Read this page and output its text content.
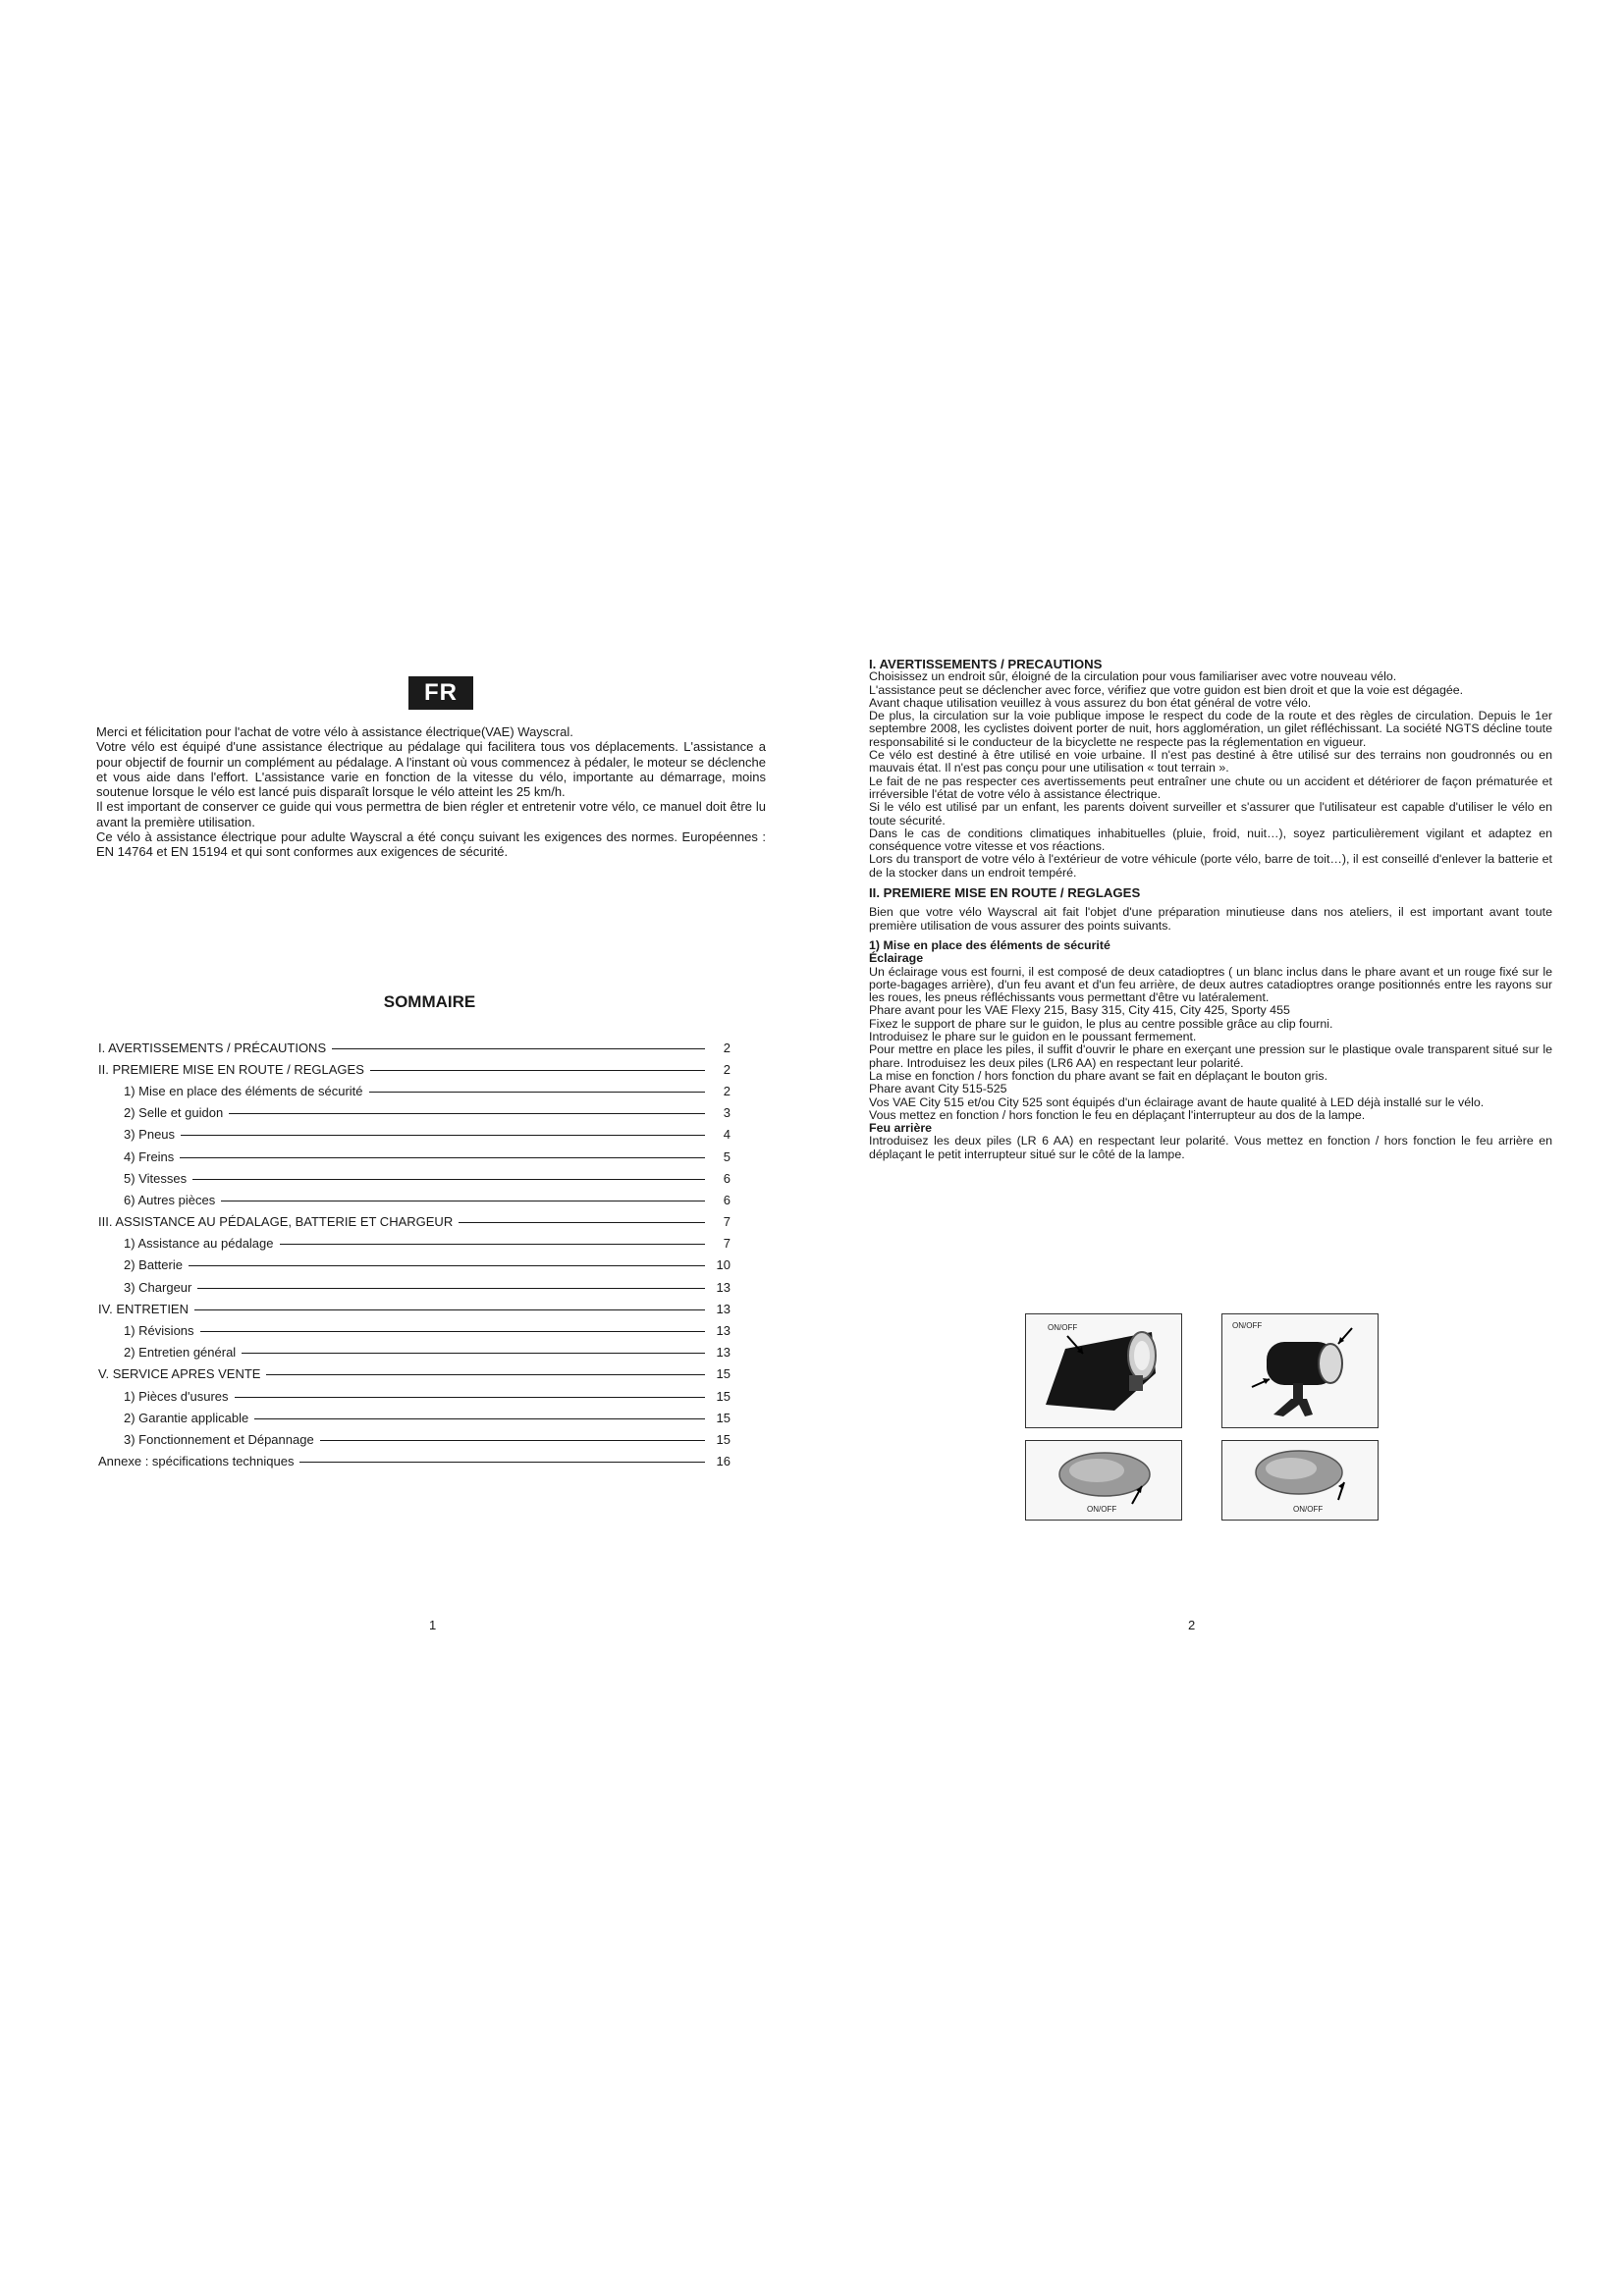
FR

Merci et félicitation pour l'achat de votre vélo à assistance électrique(VAE) Wayscral.

Votre vélo est équipé d'une assistance électrique au pédalage qui facilitera tous vos déplacements. L'assistance a pour objectif de fournir un complément au pédalage. A l'instant où vous commencez à pédaler, le moteur se déclenche et vous aide dans l'effort. L'assistance varie en fonction de la vitesse du vélo, importante au démarrage, moins soutenue lorsque le vélo est lancé puis disparaît lorsque le vélo atteint les 25 km/h.

Il est important de conserver ce guide qui vous permettra de bien régler et entretenir votre vélo, ce manuel doit être lu avant la première utilisation.

Ce vélo à assistance électrique pour adulte Wayscral a été conçu suivant les exigences des normes. Européennes : EN 14764 et EN 15194 et qui sont conformes aux exigences de sécurité.

SOMMAIRE
I. AVERTISSEMENTS / PRÉCAUTIONS	2
II. PREMIERE MISE EN ROUTE / REGLAGES	2
1) Mise en place des éléments de sécurité	2
2) Selle et guidon	3
3) Pneus	4
4) Freins	5
5) Vitesses	6
6) Autres pièces	6
III. ASSISTANCE AU PÉDALAGE, BATTERIE ET CHARGEUR	7
1) Assistance au pédalage	7
2) Batterie	10
3) Chargeur	13
IV. ENTRETIEN	13
1) Révisions	13
2) Entretien général	13
V. SERVICE APRES VENTE	15
1) Pièces d'usures	15
2) Garantie applicable	15
3) Fonctionnement et Dépannage	15
Annexe : spécifications techniques	16
1

I. AVERTISSEMENTS / PRECAUTIONS

Choisissez un endroit sûr, éloigné de la circulation pour vous familiariser avec votre nouveau vélo.

L'assistance peut se déclencher avec force, vérifiez que votre guidon est bien droit et que la voie est dégagée.

Avant chaque utilisation veuillez à vous assurez du bon état général de votre vélo.

De plus, la circulation sur la voie publique impose le respect du code de la route et des règles de circulation. Depuis le 1er septembre 2008, les cyclistes doivent porter de nuit, hors agglomération, un gilet réfléchissant. La société NGTS décline toute responsabilité si le conducteur de la bicyclette ne respecte pas la réglementation en vigueur.

Ce vélo est destiné à être utilisé en voie urbaine. Il n'est pas destiné à être utilisé sur des terrains non goudronnés ou en mauvais état. Il n'est pas conçu pour une utilisation « tout terrain ».

Le fait de ne pas respecter ces avertissements peut entraîner une chute ou un accident et détériorer de façon prématurée et irréversible l'état de votre vélo à assistance électrique.

Si le vélo est utilisé par un enfant, les parents doivent surveiller et s'assurer que l'utilisateur est capable d'utiliser le vélo en toute sécurité.

Dans le cas de conditions climatiques inhabituelles (pluie, froid, nuit…), soyez particulièrement vigilant et adaptez en conséquence votre vitesse et vos réactions.

Lors du transport de votre vélo à l'extérieur de votre véhicule (porte vélo, barre de toit…), il est conseillé d'enlever la batterie et de la stocker dans un endroit tempéré.

II. PREMIERE MISE EN ROUTE / REGLAGES

Bien que votre vélo Wayscral ait fait l'objet d'une préparation minutieuse dans nos ateliers, il est important avant toute première utilisation de vous assurer des points suivants.

1) Mise en place des éléments de sécurité

Éclairage

Un éclairage vous est fourni, il est composé de deux catadioptres ( un blanc inclus dans le phare avant et un rouge fixé sur le porte-bagages arrière), d'un feu avant et d'un feu arrière, de deux autres catadioptres orange positionnés entre les rayons sur les roues, les pneus réfléchissants vous permettant d'être vu latéralement.

Phare avant pour les VAE Flexy 215, Basy 315, City 415, City 425, Sporty 455

Fixez le support de phare sur le guidon, le plus au centre possible grâce au clip fourni.

Introduisez le phare sur le guidon en le poussant fermement.

Pour mettre en place les piles, il suffit d'ouvrir le phare en exerçant une pression sur le plastique ovale transparent situé sur le phare. Introduisez les deux piles (LR6 AA) en respectant leur polarité.

La mise en fonction / hors fonction du phare avant se fait en déplaçant le bouton gris.

Phare avant City 515-525

Vos VAE City 515 et/ou City 525 sont équipés d'un éclairage avant de haute qualité à LED déjà installé sur le vélo.

Vous mettez en fonction / hors fonction le feu en déplaçant l'interrupteur au dos de la lampe.

Feu arrière

Introduisez les deux piles (LR 6 AA) en respectant leur polarité. Vous mettez en fonction / hors fonction le feu arrière en déplaçant le petit interrupteur situé sur le côté de la lampe.

ON/OFF	ON/OFF
ON/OFF	ON/OFF
2
